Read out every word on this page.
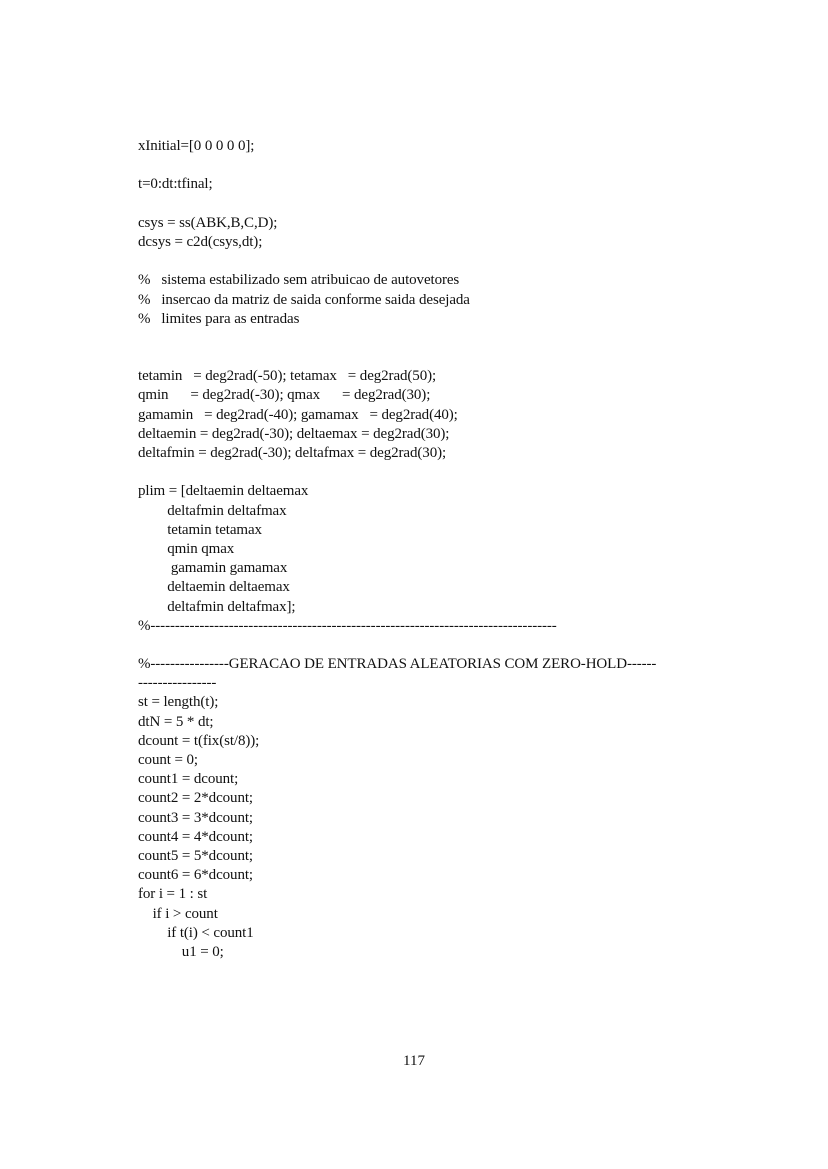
xInitial=[0 0 0 0 0];
t=0:dt:tfinal;
csys = ss(ABK,B,C,D);
dcsys = c2d(csys,dt);
%   sistema estabilizado sem atribuicao de autovetores
%   insercao da matriz de saida conforme saida desejada
%   limites para as entradas
tetamin   = deg2rad(-50); tetamax   = deg2rad(50);
qmin      = deg2rad(-30); qmax      = deg2rad(30);
gamamin   = deg2rad(-40); gamamax   = deg2rad(40);
deltaemin = deg2rad(-30); deltaemax = deg2rad(30);
deltafmin = deg2rad(-30); deltafmax = deg2rad(30);
plim = [deltaemin deltaemax
deltafmin deltafmax
tetamin tetamax
qmin qmax
gamamin gamamax
deltaemin deltaemax
deltafmin deltafmax];
%-----------------------------------------------------------------------------------
%----------------GERACAO DE ENTRADAS ALEATORIAS COM ZERO-HOLD------
----------------
st = length(t);
dtN = 5 * dt;
dcount = t(fix(st/8));
count = 0;
count1 = dcount;
count2 = 2*dcount;
count3 = 3*dcount;
count4 = 4*dcount;
count5 = 5*dcount;
count6 = 6*dcount;
for i = 1 : st
if i > count
if t(i) < count1
u1 = 0;
117
